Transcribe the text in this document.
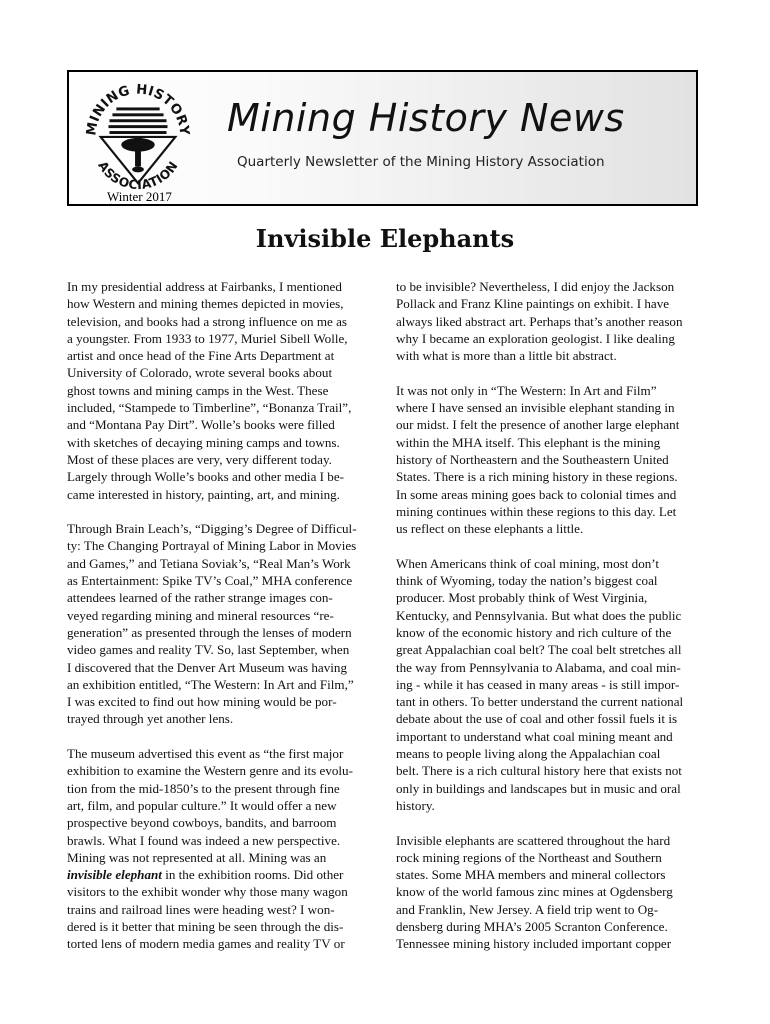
MINING HISTORY
ASSOCIATION
Winter 2017
Mining History News
Quarterly Newsletter of the Mining History Association
Invisible Elephants

In my presidential address at Fairbanks, I mentioned
how Western and mining themes depicted in movies,
television, and books had a strong influence on me as
a youngster. From 1933 to 1977, Muriel Sibell Wolle,
artist and once head of the Fine Arts Department at
University of Colorado, wrote several books about
ghost towns and mining camps in the West. These
included, “Stampede to Timberline”, “Bonanza Trail”,
and “Montana Pay Dirt”. Wolle’s books were filled
with sketches of decaying mining camps and towns.
Most of these places are very, very different today.
Largely through Wolle’s books and other media I be-
came interested in history, painting, art, and mining.

Through Brain Leach’s, “Digging’s Degree of Difficul-
ty: The Changing Portrayal of Mining Labor in Movies
and Games,” and Tetiana Soviak’s, “Real Man’s Work
as Entertainment: Spike TV’s Coal,” MHA conference
attendees learned of the rather strange images con-
veyed regarding mining and mineral resources “re-
generation” as presented through the lenses of modern
video games and reality TV. So, last September, when
I discovered that the Denver Art Museum was having
an exhibition entitled, “The Western: In Art and Film,”
I was excited to find out how mining would be por-
trayed through yet another lens.

The museum advertised this event as “the first major
exhibition to examine the Western genre and its evolu-
tion from the mid-1850’s to the present through fine
art, film, and popular culture.” It would offer a new
prospective beyond cowboys, bandits, and barroom
brawls. What I found was indeed a new perspective.
Mining was not represented at all. Mining was an
invisible elephant in the exhibition rooms. Did other
visitors to the exhibit wonder why those many wagon
trains and railroad lines were heading west? I won-
dered is it better that mining be seen through the dis-
torted lens of modern media games and reality TV or

to be invisible? Nevertheless, I did enjoy the Jackson
Pollack and Franz Kline paintings on exhibit. I have
always liked abstract art. Perhaps that’s another reason
why I became an exploration geologist. I like dealing
with what is more than a little bit abstract.

It was not only in “The Western: In Art and Film”
where I have sensed an invisible elephant standing in
our midst. I felt the presence of another large elephant
within the MHA itself. This elephant is the mining
history of Northeastern and the Southeastern United
States. There is a rich mining history in these regions.
In some areas mining goes back to colonial times and
mining continues within these regions to this day. Let
us reflect on these elephants a little.

When Americans think of coal mining, most don’t
think of Wyoming, today the nation’s biggest coal
producer. Most probably think of West Virginia,
Kentucky, and Pennsylvania. But what does the public
know of the economic history and rich culture of the
great Appalachian coal belt? The coal belt stretches all
the way from Pennsylvania to Alabama, and coal min-
ing - while it has ceased in many areas - is still impor-
tant in others. To better understand the current national
debate about the use of coal and other fossil fuels it is
important to understand what coal mining meant and
means to people living along the Appalachian coal
belt. There is a rich cultural history here that exists not
only in buildings and landscapes but in music and oral
history.

Invisible elephants are scattered throughout the hard
rock mining regions of the Northeast and Southern
states. Some MHA members and mineral collectors
know of the world famous zinc mines at Ogdensberg
and Franklin, New Jersey. A field trip went to Og-
densberg during MHA’s 2005 Scranton Conference.
Tennessee mining history included important copper
